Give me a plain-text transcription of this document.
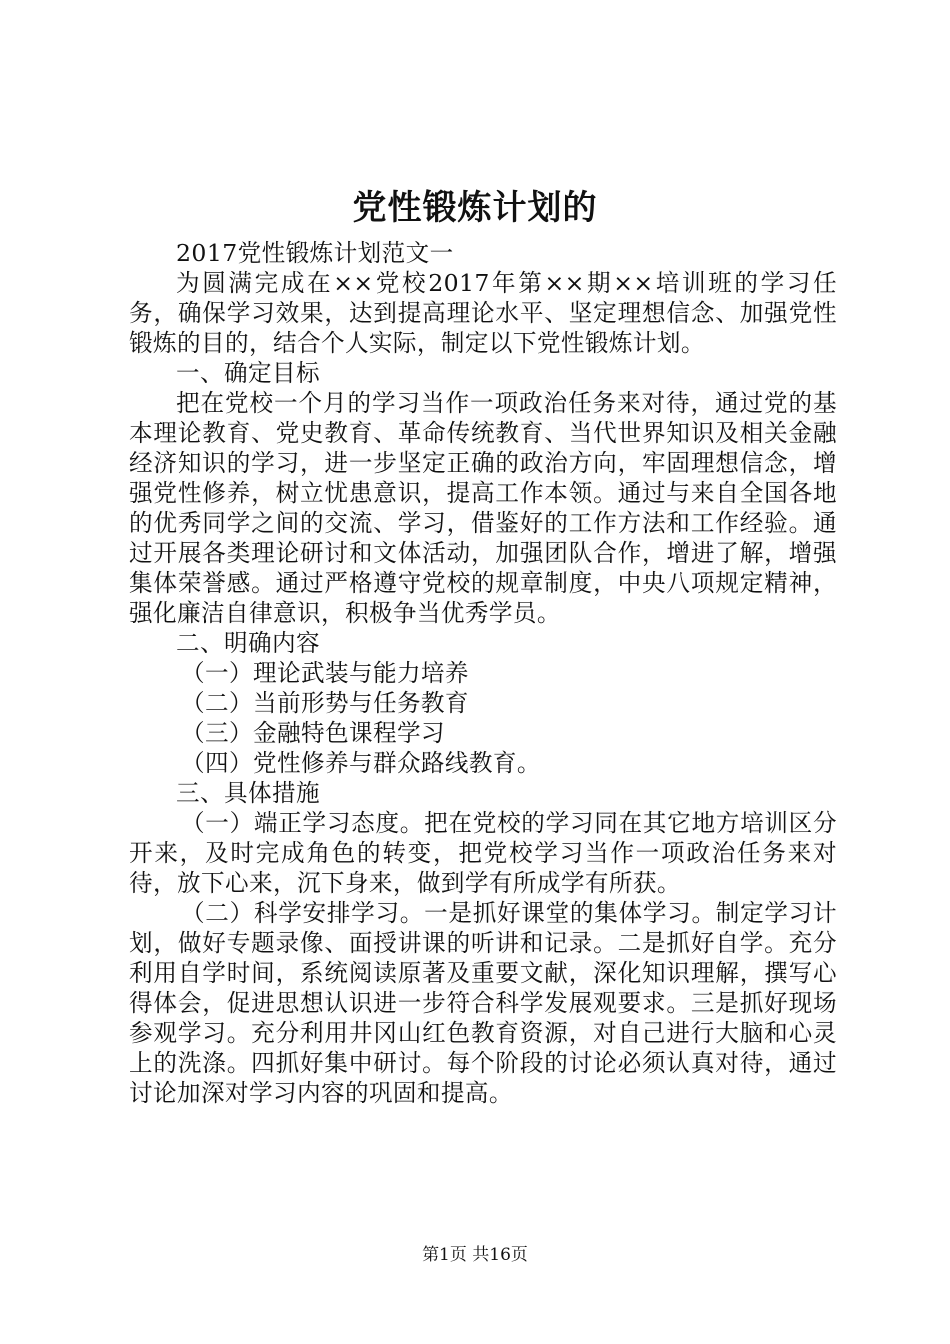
党性锻炼计划的

2017党性锻炼计划范文一

为圆满完成在××党校2017年第××期××培训班的学习任务，确保学习效果，达到提高理论水平、坚定理想信念、加强党性锻炼的目的，结合个人实际，制定以下党性锻炼计划。

一、确定目标

把在党校一个月的学习当作一项政治任务来对待，通过党的基本理论教育、党史教育、革命传统教育、当代世界知识及相关金融经济知识的学习，进一步坚定正确的政治方向，牢固理想信念，增强党性修养，树立忧患意识，提高工作本领。通过与来自全国各地的优秀同学之间的交流、学习，借鉴好的工作方法和工作经验。通过开展各类理论研讨和文体活动，加强团队合作，增进了解，增强集体荣誉感。通过严格遵守党校的规章制度，中央八项规定精神，强化廉洁自律意识，积极争当优秀学员。

二、明确内容

（一）理论武装与能力培养

（二）当前形势与任务教育

（三）金融特色课程学习

（四）党性修养与群众路线教育。

三、具体措施

（一）端正学习态度。把在党校的学习同在其它地方培训区分开来，及时完成角色的转变，把党校学习当作一项政治任务来对待，放下心来，沉下身来，做到学有所成学有所获。

（二）科学安排学习。一是抓好课堂的集体学习。制定学习计划，做好专题录像、面授讲课的听讲和记录。二是抓好自学。充分利用自学时间，系统阅读原著及重要文献，深化知识理解，撰写心得体会，促进思想认识进一步符合科学发展观要求。三是抓好现场参观学习。充分利用井冈山红色教育资源，对自己进行大脑和心灵上的洗涤。四抓好集中研讨。每个阶段的讨论必须认真对待，通过讨论加深对学习内容的巩固和提高。

第1页 共16页
